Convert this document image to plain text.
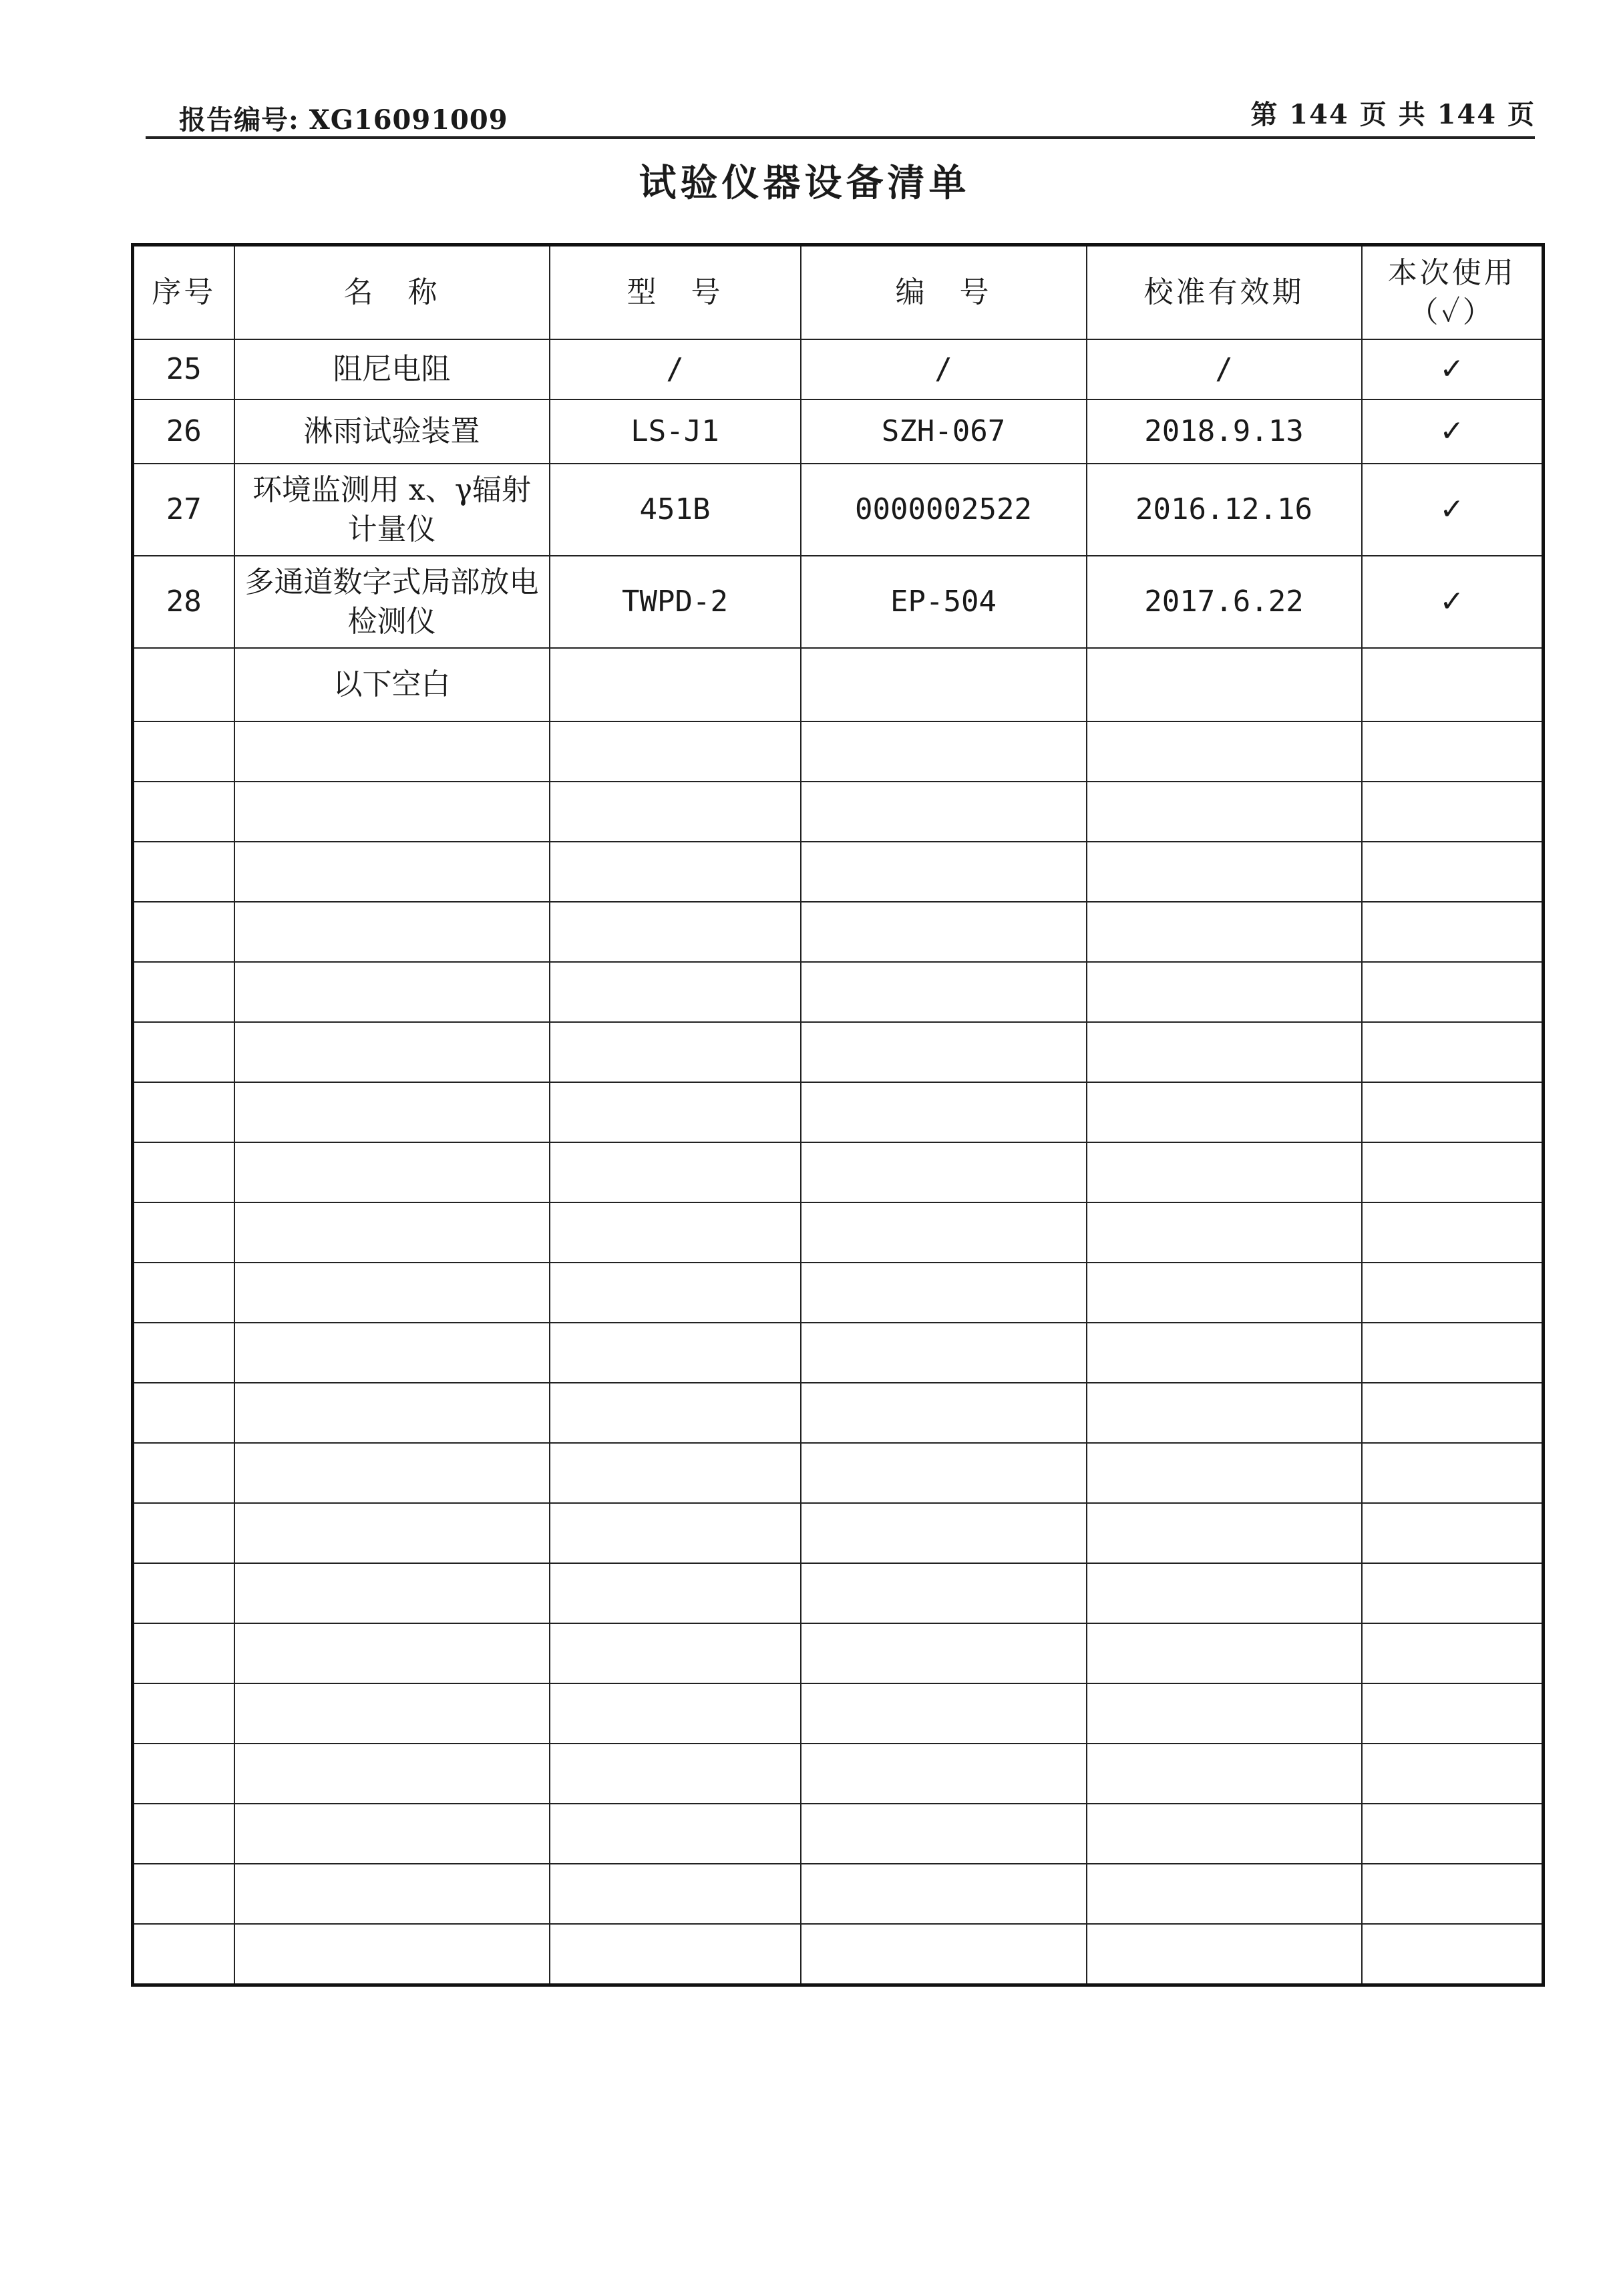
报告编号: XG16091009	第 144 页 共 144 页
试验仪器设备清单
序号	名　称	型　号	编　号	校准有效期	本次使用（✓）
25	阻尼电阻	/	/	/	✓
26	淋雨试验装置	LS-J1	SZH-067	2018.9.13	✓
27	环境监测用 x、γ辐射计量仪	451B	0000002522	2016.12.16	✓
28	多通道数字式局部放电检测仪	TWPD-2	EP-504	2017.6.22	✓
	以下空白				
